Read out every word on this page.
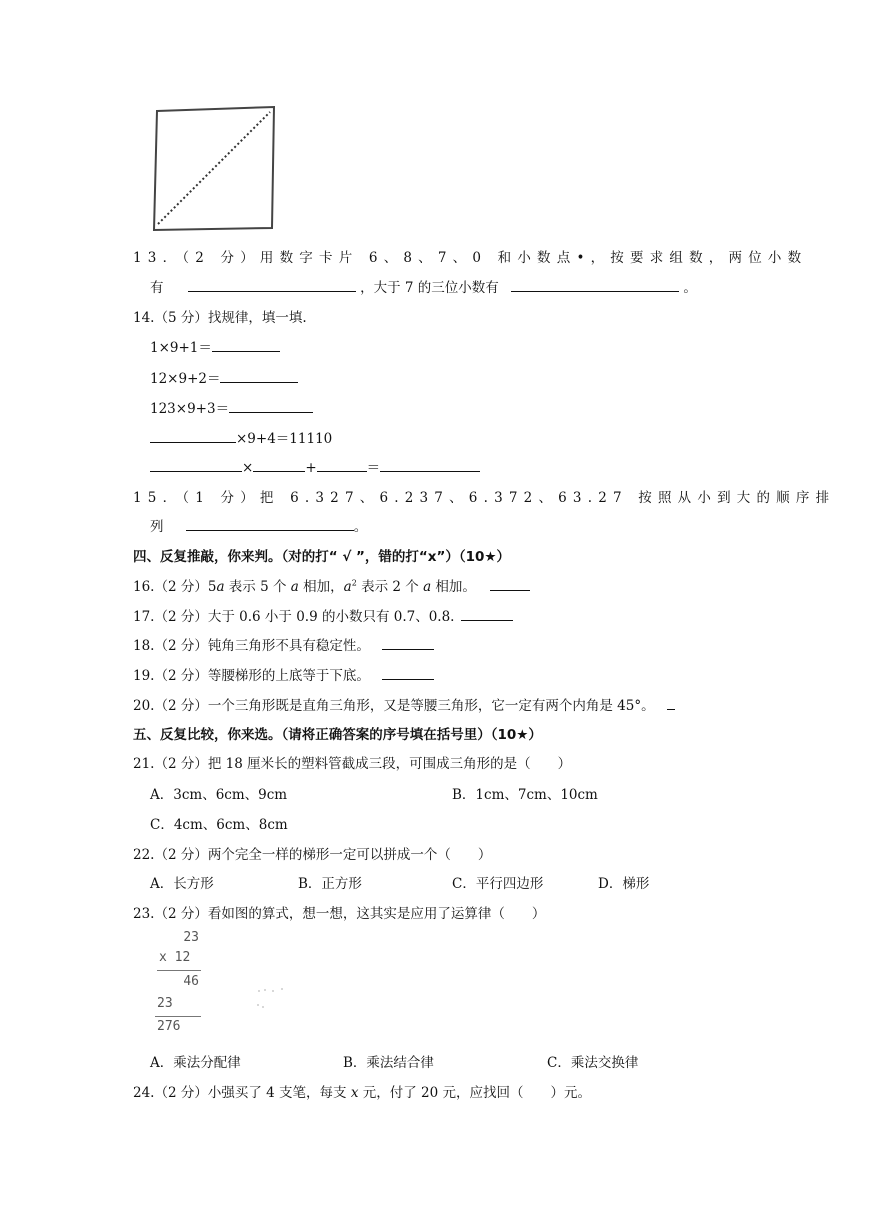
13．（2 分）用数字卡片 6、8、7、0 和小数点•，按要求组数，两位小数
有	，大于 7 的三位小数有	。
14.（5 分）找规律，填一填.
1×9+1＝
12×9+2＝
123×9+3＝
×9+4＝11110
×	+	＝
15．（1 分）把 6.327、6.237、6.372、63.27 按照从小到大的顺序排
列	。
四、反复推敲，你来判。（对的打“ √ ”，错的打“x”）（10★）
16.（2 分）5a 表示 5 个 a 相加，$a^2$ 表示 2 个 a 相加。
17.（2 分）大于 0.6 小于 0.9 的小数只有 0.7、0.8.
18.（2 分）钝角三角形不具有稳定性。
19.（2 分）等腰梯形的上底等于下底。
20.（2 分）一个三角形既是直角三角形，又是等腰三角形，它一定有两个内角是 45°。
五、反复比较，你来选。（请将正确答案的序号填在括号里）（10★）
21.（2 分）把 18 厘米长的塑料管截成三段，可围成三角形的是（　　）
A．3cm、6cm、9cm	B．1cm、7cm、10cm
C．4cm、6cm、8cm
22.（2 分）两个完全一样的梯形一定可以拼成一个（　　）
A．长方形	B．正方形	C．平行四边形	D．梯形
23.（2 分）看如图的算式，想一想，这其实是应用了运算律（　　）
23
x 12
46
23
276
A．乘法分配律	B．乘法结合律	C．乘法交换律
24.（2 分）小强买了 4 支笔，每支 x 元，付了 20 元，应找回（　　）元。
